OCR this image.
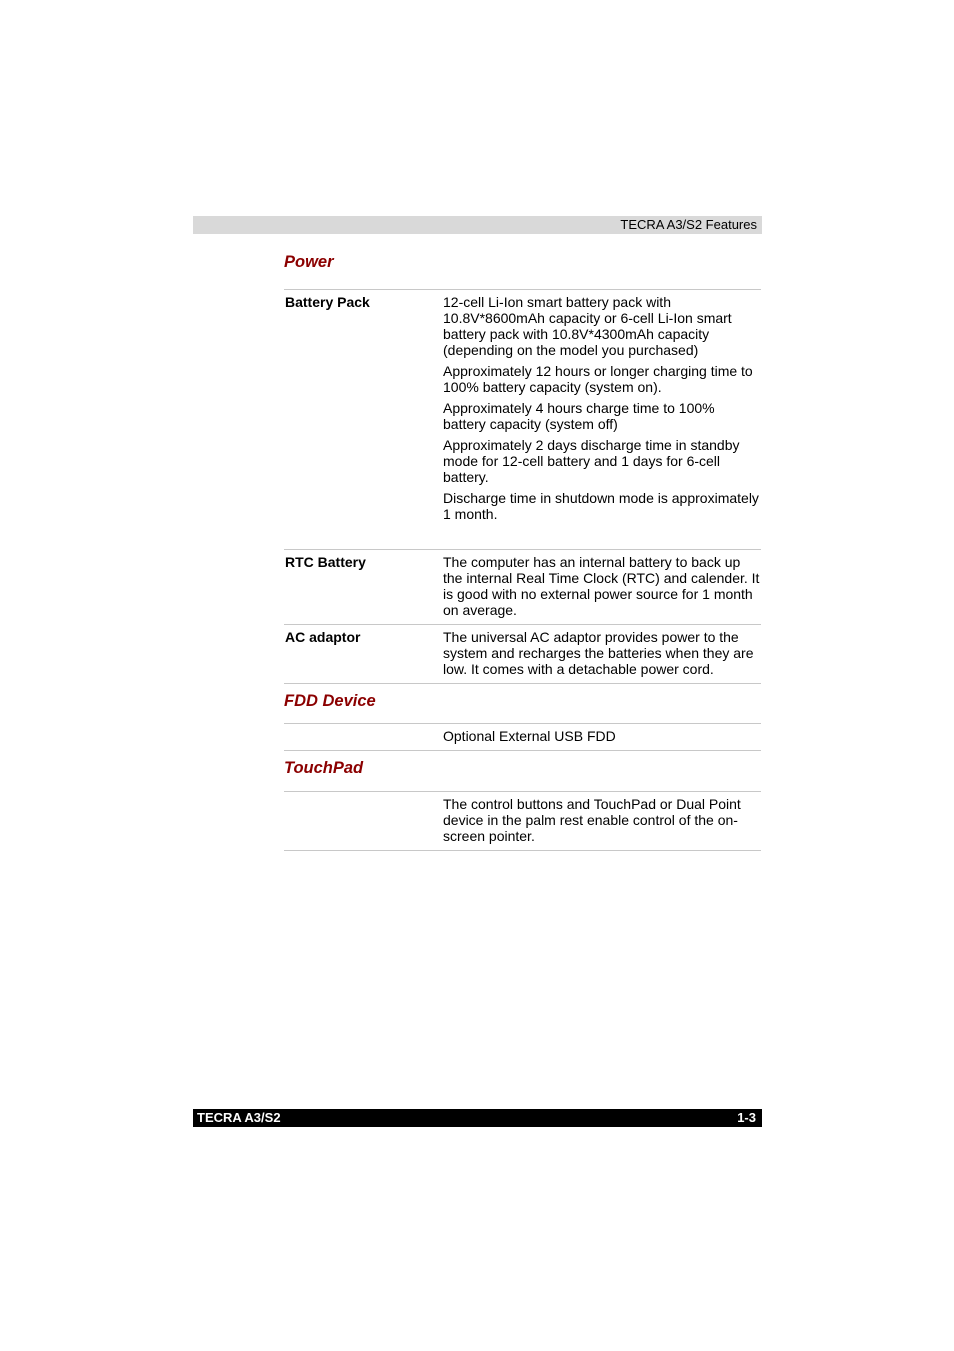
TECRA A3/S2 Features
Power
Battery Pack	12-cell Li-Ion smart battery pack with 10.8V*8600mAh capacity or 6-cell Li-Ion smart battery pack with 10.8V*4300mAh capacity (depending on the model you purchased)

Approximately 12 hours or longer charging time to 100% battery capacity (system on).

Approximately 4 hours charge time to 100% battery capacity (system off)

Approximately 2 days discharge time in standby mode for 12-cell battery and 1 days for 6-cell battery.

Discharge time in shutdown mode is approximately 1 month.

RTC Battery	The computer has an internal battery to back up the internal Real Time Clock (RTC) and calender. It is good with no external power source for 1 month on average.
AC adaptor	The universal AC adaptor provides power to the system and recharges the batteries when they are low. It comes with a detachable power cord.
FDD Device
Optional External USB FDD
TouchPad
The control buttons and TouchPad or Dual Point device in the palm rest enable control of the on-screen pointer.
TECRA A3/S2	1-3
